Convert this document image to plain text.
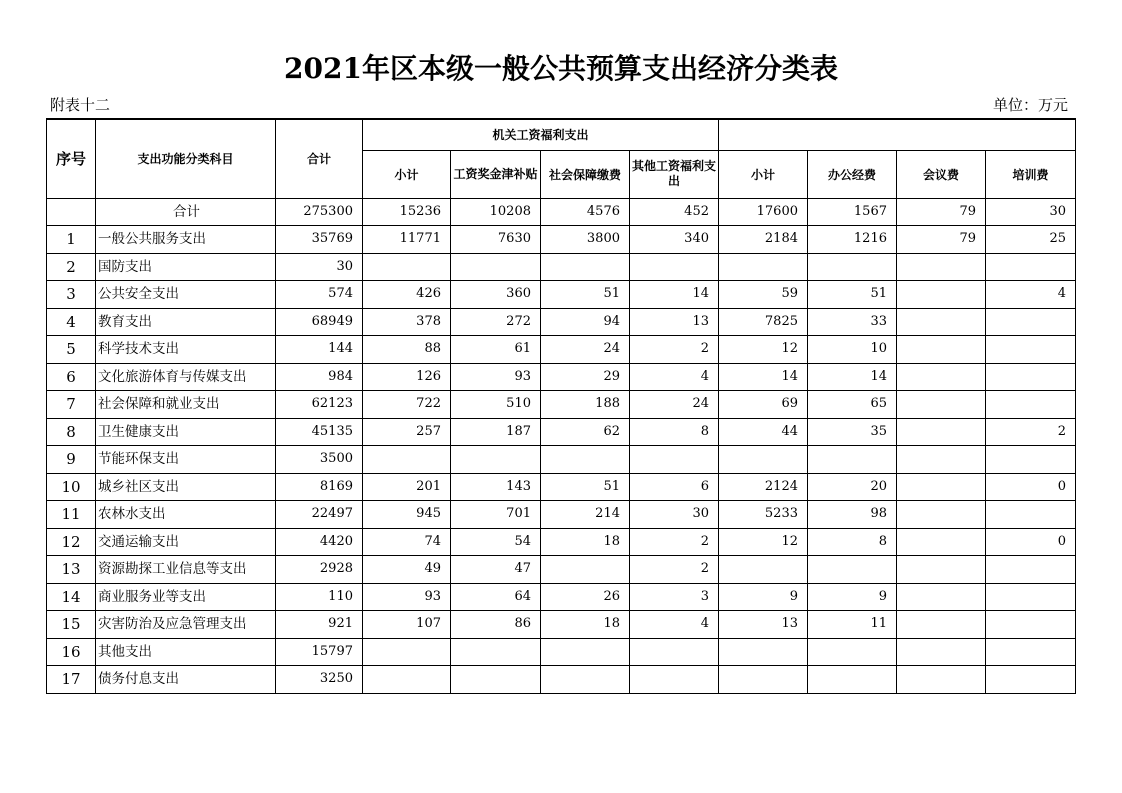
2021年区本级一般公共预算支出经济分类表
附表十二	单位：万元
序号	支出功能分类科目	合计	机关工资福利支出							
			小计	工资奖金津补贴	社会保障缴费	其他工资福利支出	小计	办公经费	会议费	培训费
	合计	275300	15236	10208	4576	452	17600	1567	79	30
1	一般公共服务支出	35769	11771	7630	3800	340	2184	1216	79	25
2	国防支出	30								
3	公共安全支出	574	426	360	51	14	59	51		4
4	教育支出	68949	378	272	94	13	7825	33		
5	科学技术支出	144	88	61	24	2	12	10		
6	文化旅游体育与传媒支出	984	126	93	29	4	14	14		
7	社会保障和就业支出	62123	722	510	188	24	69	65		
8	卫生健康支出	45135	257	187	62	8	44	35		2
9	节能环保支出	3500								
10	城乡社区支出	8169	201	143	51	6	2124	20		0
11	农林水支出	22497	945	701	214	30	5233	98		
12	交通运输支出	4420	74	54	18	2	12	8		0
13	资源勘探工业信息等支出	2928	49	47		2				
14	商业服务业等支出	110	93	64	26	3	9	9		
15	灾害防治及应急管理支出	921	107	86	18	4	13	11		
16	其他支出	15797								
17	债务付息支出	3250								
